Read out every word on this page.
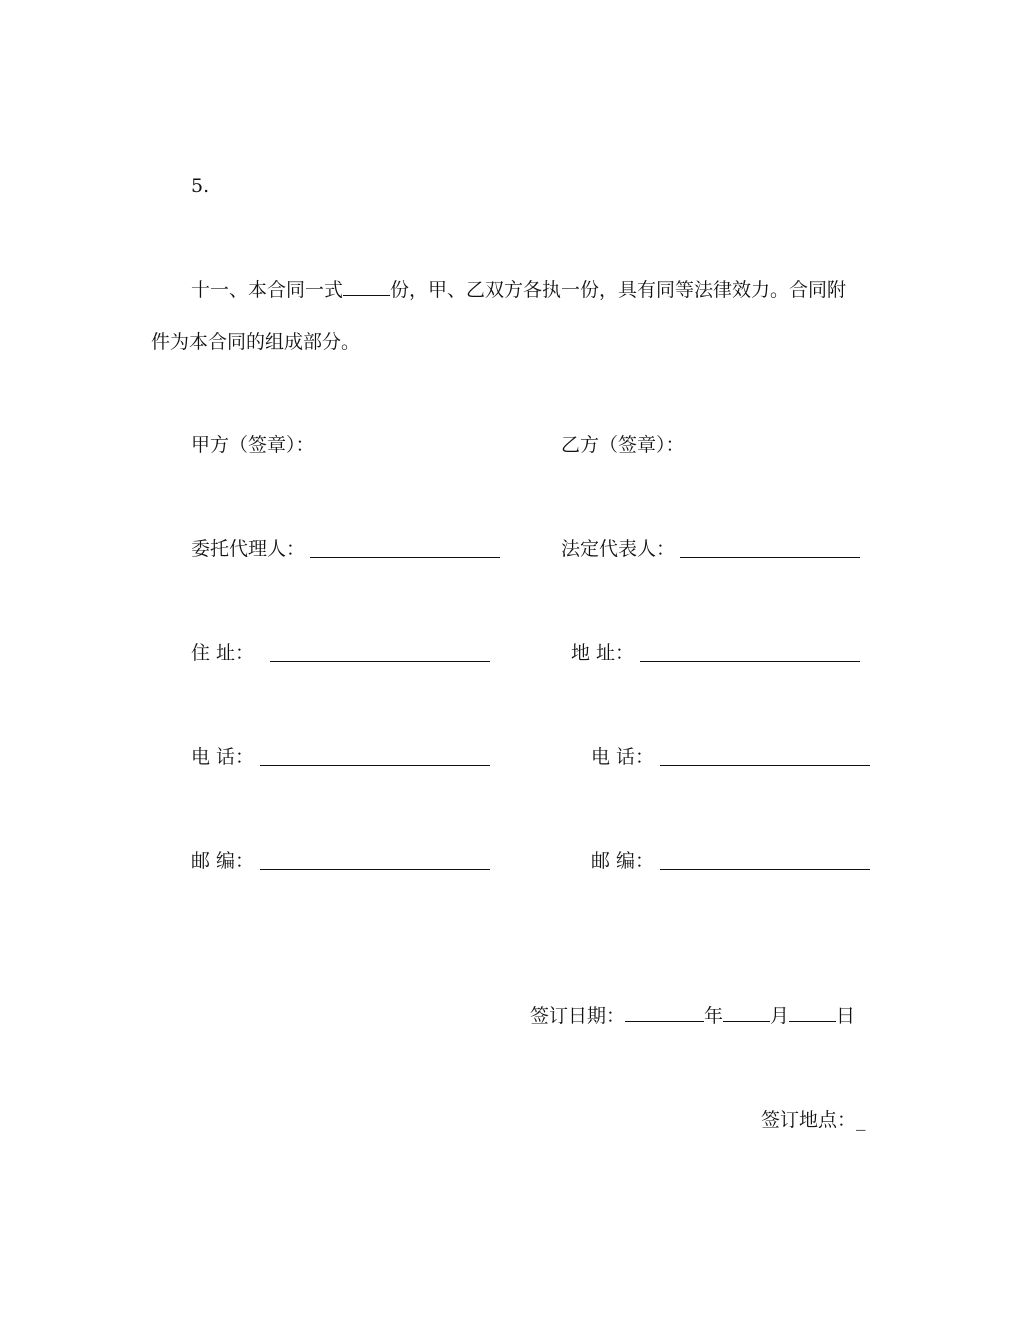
5.
十一、本合同一式 份，甲、乙双方各执一份，具有同等法律效力。合同附
件为本合同的组成部分。
甲方（签章）：
委托代理人：
住 址：
电 话：
邮 编：
乙方（签章）：
法定代表人：
地 址：
电 话：
邮 编：
签订日期：	年 月 日
签订地点：_
